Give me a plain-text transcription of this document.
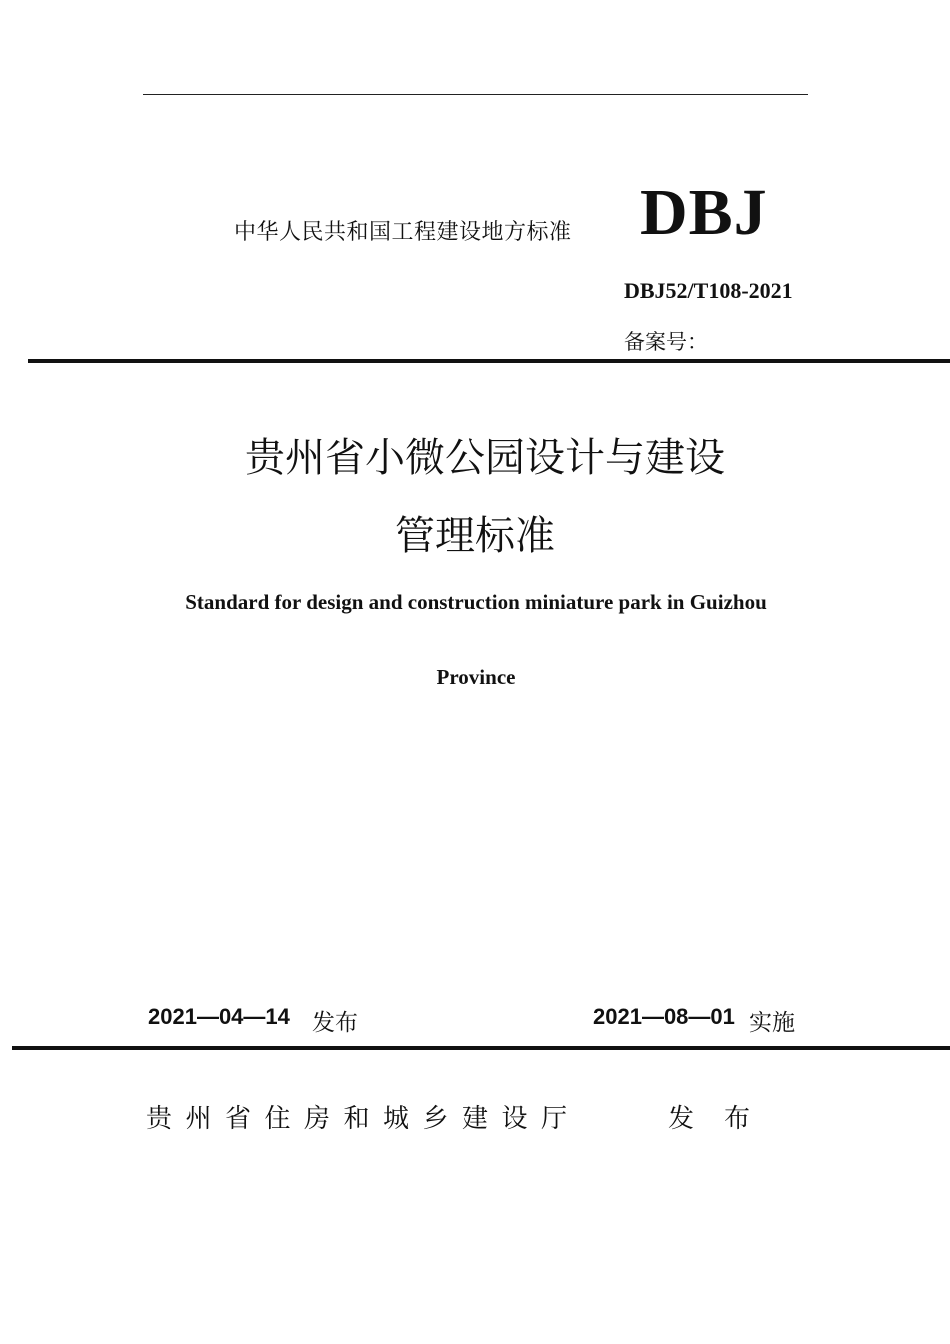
中华人民共和国工程建设地方标准 DBJ
DBJ52/T108-2021
备案号：
贵州省小微公园设计与建设
管理标准
Standard for design and construction miniature park in Guizhou
Province
2021—04—14 发布	2021—08—01 实施
贵州省住房和城乡建设厅	发布
